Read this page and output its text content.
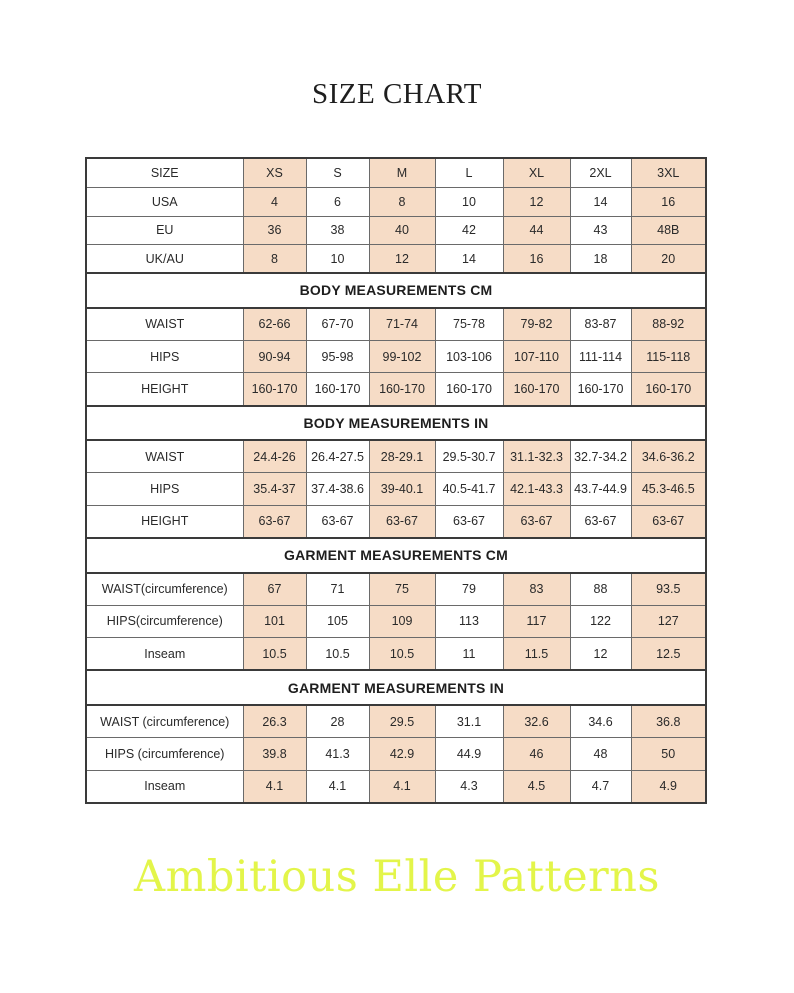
SIZE CHART
SIZE	XS	S	M	L	XL	2XL	3XL
USA	4	6	8	10	12	14	16
EU	36	38	40	42	44	43	48B
UK/AU	8	10	12	14	16	18	20
BODY MEASUREMENTS CM							
WAIST	62-66	67-70	71-74	75-78	79-82	83-87	88-92
HIPS	90-94	95-98	99-102	103-106	107-110	111-114	115-118
HEIGHT	160-170	160-170	160-170	160-170	160-170	160-170	160-170
BODY MEASUREMENTS IN							
WAIST	24.4-26	26.4-27.5	28-29.1	29.5-30.7	31.1-32.3	32.7-34.2	34.6-36.2
HIPS	35.4-37	37.4-38.6	39-40.1	40.5-41.7	42.1-43.3	43.7-44.9	45.3-46.5
HEIGHT	63-67	63-67	63-67	63-67	63-67	63-67	63-67
GARMENT MEASUREMENTS CM							
WAIST(circumference)	67	71	75	79	83	88	93.5
HIPS(circumference)	101	105	109	113	117	122	127
Inseam	10.5	10.5	10.5	11	11.5	12	12.5
GARMENT MEASUREMENTS IN							
WAIST (circumference)	26.3	28	29.5	31.1	32.6	34.6	36.8
HIPS (circumference)	39.8	41.3	42.9	44.9	46	48	50
Inseam	4.1	4.1	4.1	4.3	4.5	4.7	4.9
Ambitious Elle Patterns
